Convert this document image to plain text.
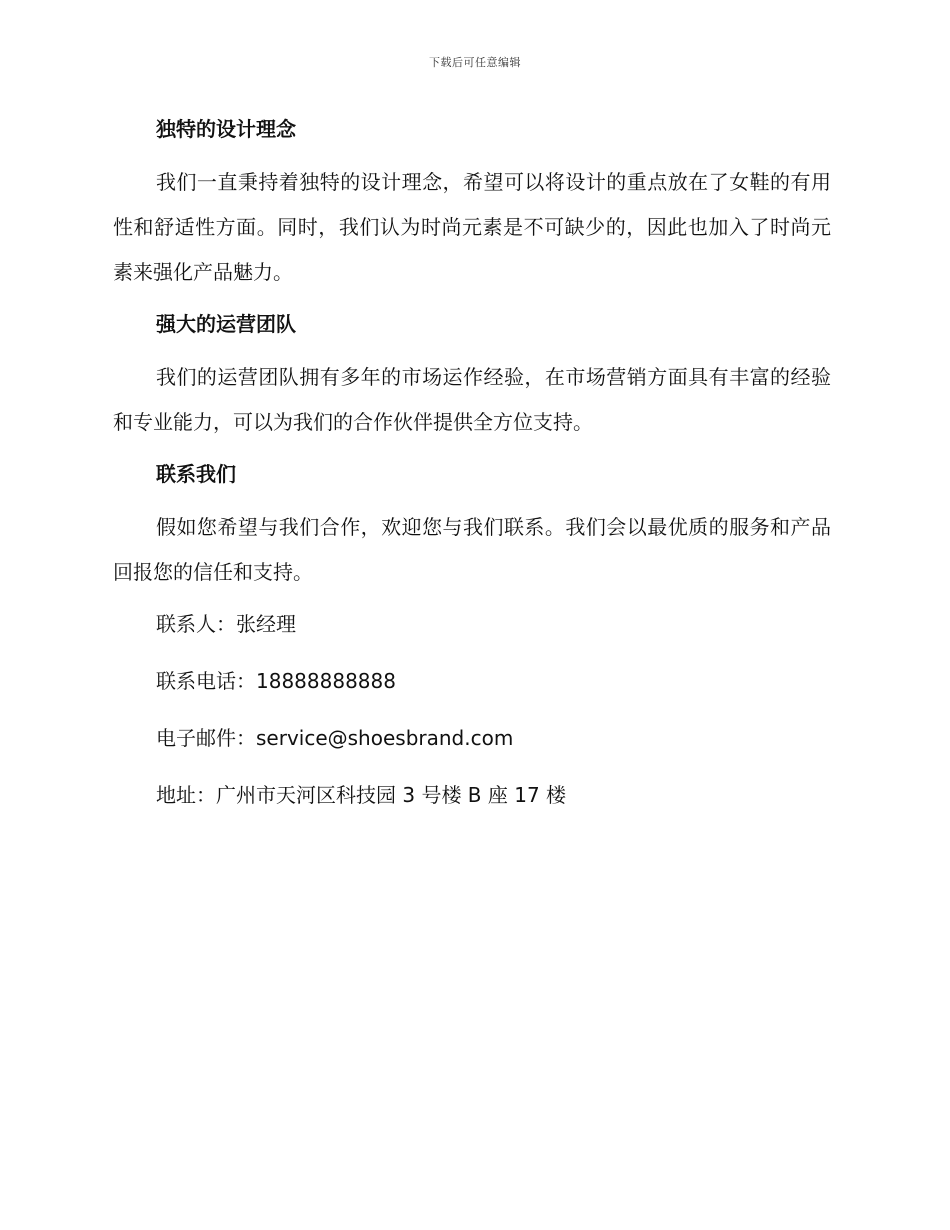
下载后可任意编辑
独特的设计理念
我们一直秉持着独特的设计理念，希望可以将设计的重点放在了女鞋的有用性和舒适性方面。同时，我们认为时尚元素是不可缺少的，因此也加入了时尚元素来强化产品魅力。
强大的运营团队
我们的运营团队拥有多年的市场运作经验，在市场营销方面具有丰富的经验和专业能力，可以为我们的合作伙伴提供全方位支持。
联系我们
假如您希望与我们合作，欢迎您与我们联系。我们会以最优质的服务和产品回报您的信任和支持。
联系人：张经理
联系电话：18888888888
电子邮件：service@shoesbrand.com
地址：广州市天河区科技园 3 号楼 B 座 17 楼
